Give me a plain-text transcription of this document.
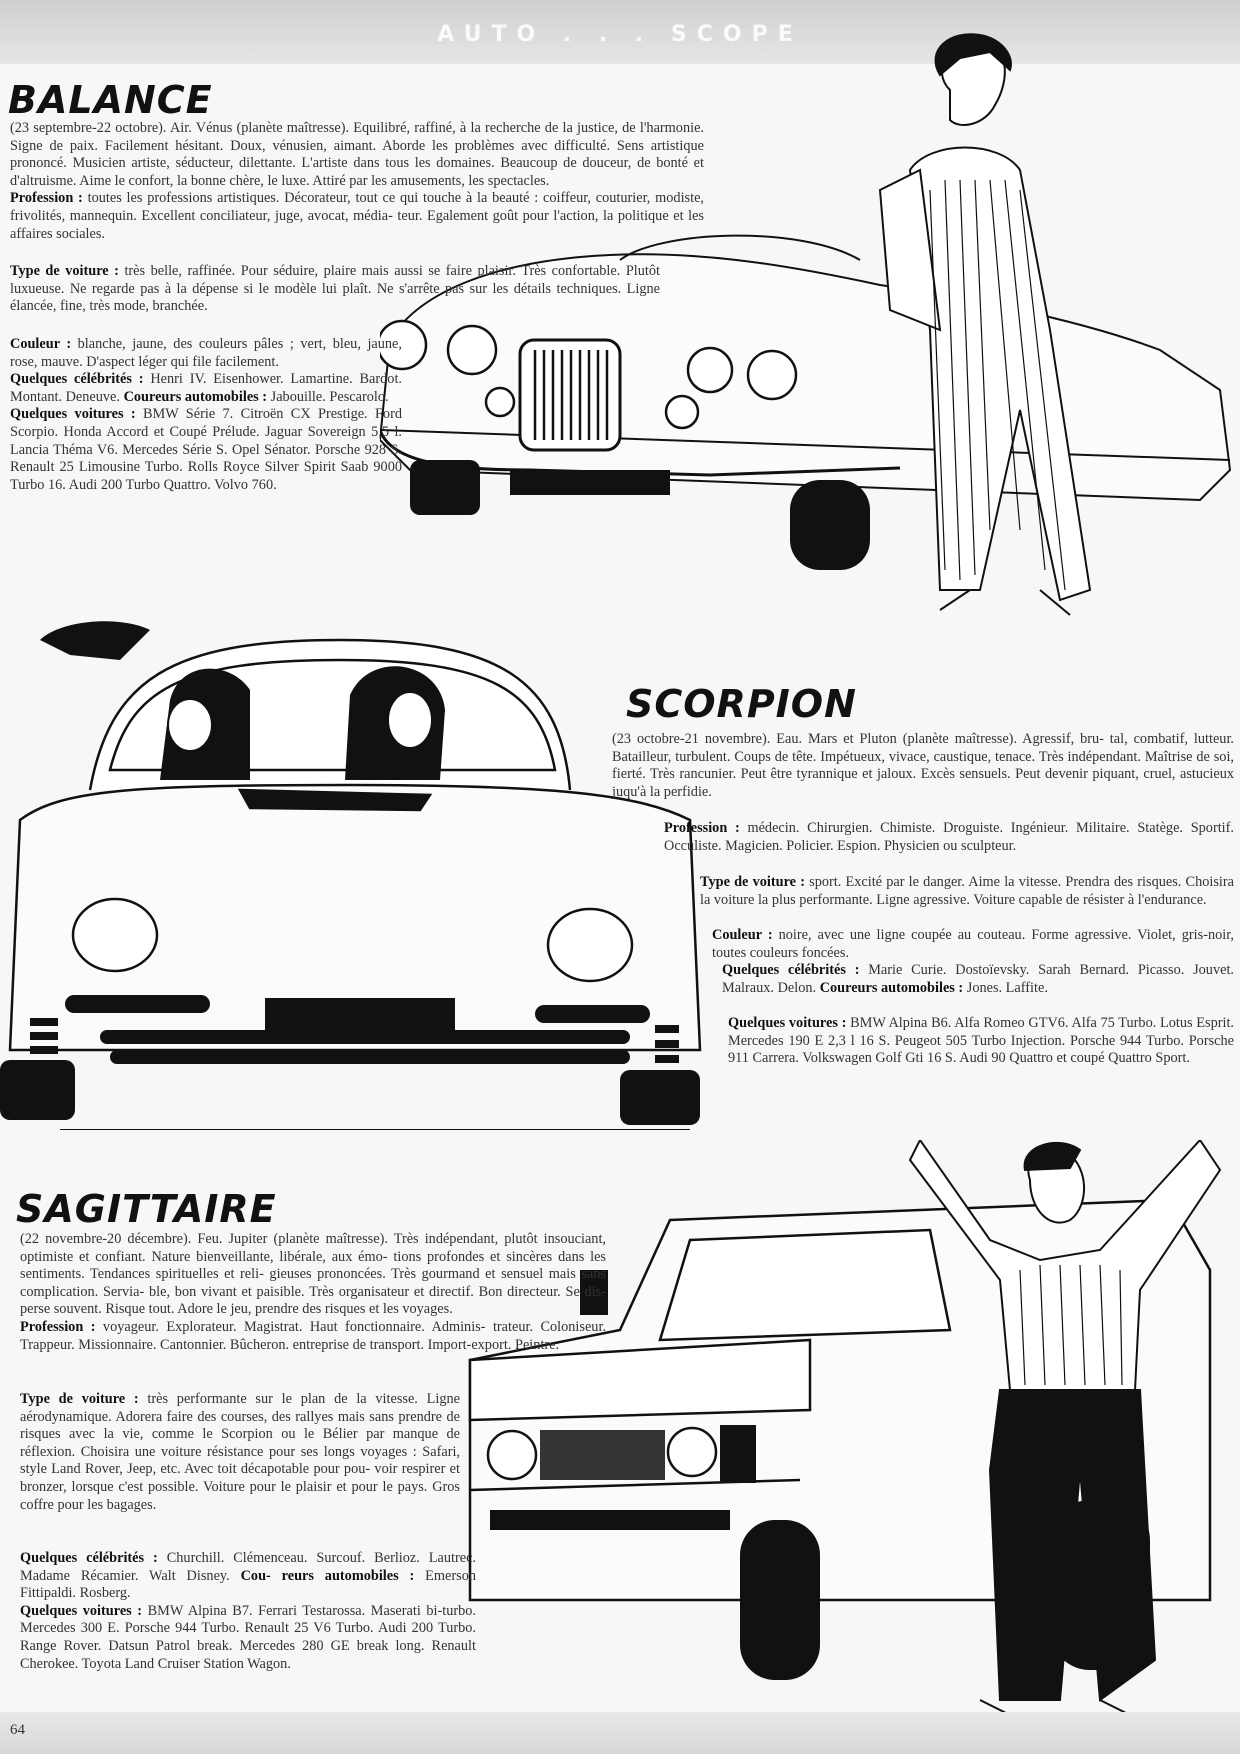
AUTO . . . SCOPE
BALANCE

(23 septembre-22 octobre). Air. Vénus (planète maîtresse). Equilibré, raffiné, à la recherche de la justice, de l'harmonie. Signe de paix. Facilement hésitant. Doux, vénusien, aimant. Aborde les problèmes avec difficulté. Sens artistique prononcé. Musicien artiste, séducteur, dilettante. L'artiste dans tous les domaines. Beaucoup de douceur, de bonté et d'altruisme. Aime le confort, la bonne chère, le luxe. Attiré par les amusements, les spectacles.

Profession : toutes les professions artistiques. Décorateur, tout ce qui touche à la beauté : coiffeur, couturier, modiste, frivolités, mannequin. Excellent conciliateur, juge, avocat, média- teur. Egalement goût pour l'action, la politique et les affaires sociales.

Type de voiture : très belle, raffinée. Pour séduire, plaire mais aussi se faire plaisir. Très confortable. Plutôt luxueuse. Ne regarde pas à la dépense si le modèle lui plaît. Ne s'arrête pas sur les détails techniques. Ligne élancée, fine, très mode, branchée.

Couleur : blanche, jaune, des couleurs pâles ; vert, bleu, jaune, rose, mauve. D'aspect léger qui file facilement.

Quelques célébrités : Henri IV. Eisenhower. Lamartine. Bardot. Montant. Deneuve. Coureurs automobiles : Jabouille. Pescarolo.

Quelques voitures : BMW Série 7. Citroën CX Prestige. Ford Scorpio. Honda Accord et Coupé Prélude. Jaguar Sovereign 5,5 l. Lancia Théma V6. Mercedes Série S. Opel Sénator. Porsche 928 S. Renault 25 Limousine Turbo. Rolls Royce Silver Spirit Saab 9000 Turbo 16. Audi 200 Turbo Quattro. Volvo 760.

SCORPION

(23 octobre-21 novembre). Eau. Mars et Pluton (planète maîtresse). Agressif, bru- tal, combatif, lutteur. Batailleur, turbulent. Coups de tête. Impétueux, vivace, caustique, tenace. Très indépendant. Maîtrise de soi, fierté. Très rancunier. Peut être tyrannique et jaloux. Excès sensuels. Peut devenir piquant, cruel, astucieux juqu'à la perfidie.

Profession : médecin. Chirurgien. Chimiste. Droguiste. Ingénieur. Militaire. Statège. Sportif. Occuliste. Magicien. Policier. Espion. Physicien ou sculpteur.

Type de voiture : sport. Excité par le danger. Aime la vitesse. Prendra des risques. Choisira la voiture la plus performante. Ligne agressive. Voiture capable de résister à l'endurance.

Couleur : noire, avec une ligne coupée au couteau. Forme agressive. Violet, gris-noir, toutes couleurs foncées.

Quelques célébrités : Marie Curie. Dostoïevsky. Sarah Bernard. Picasso. Jouvet. Malraux. Delon. Coureurs automobiles : Jones. Laffite.

Quelques voitures : BMW Alpina B6. Alfa Romeo GTV6. Alfa 75 Turbo. Lotus Esprit. Mercedes 190 E 2,3 l 16 S. Peugeot 505 Turbo Injection. Porsche 944 Turbo. Porsche 911 Carrera. Volkswagen Golf Gti 16 S. Audi 90 Quattro et coupé Quattro Sport.

SAGITTAIRE

(22 novembre-20 décembre). Feu. Jupiter (planète maîtresse). Très indépendant, plutôt insouciant, optimiste et confiant. Nature bienveillante, libérale, aux émo- tions profondes et sincères dans les sentiments. Tendances spirituelles et reli- gieuses prononcées. Très gourmand et sensuel mais sans complication. Servia- ble, bon vivant et paisible. Très organisateur et directif. Bon directeur. Se dis- perse souvent. Risque tout. Adore le jeu, prendre des risques et les voyages.

Profession : voyageur. Explorateur. Magistrat. Haut fonctionnaire. Adminis- trateur. Coloniseur. Trappeur. Missionnaire. Cantonnier. Bûcheron. entreprise de transport. Import-export. Peintre.

Type de voiture : très performante sur le plan de la vitesse. Ligne aérodynamique. Adorera faire des courses, des rallyes mais sans prendre de risques avec la vie, comme le Scorpion ou le Bélier par manque de réflexion. Choisira une voiture résistance pour ses longs voyages : Safari, style Land Rover, Jeep, etc. Avec toit décapotable pour pou- voir respirer et bronzer, lorsque c'est possible. Voiture pour le plaisir et pour le pays. Gros coffre pour les bagages.

Quelques célébrités : Churchill. Clémenceau. Surcouf. Berlioz. Lautrec. Madame Récamier. Walt Disney. Cou- reurs automobiles : Emerson Fittipaldi. Rosberg.

Quelques voitures : BMW Alpina B7. Ferrari Testarossa. Maserati bi-turbo. Mercedes 300 E. Porsche 944 Turbo. Renault 25 V6 Turbo. Audi 200 Turbo. Range Rover. Datsun Patrol break. Mercedes 280 GE break long. Renault Cherokee. Toyota Land Cruiser Station Wagon.

64
